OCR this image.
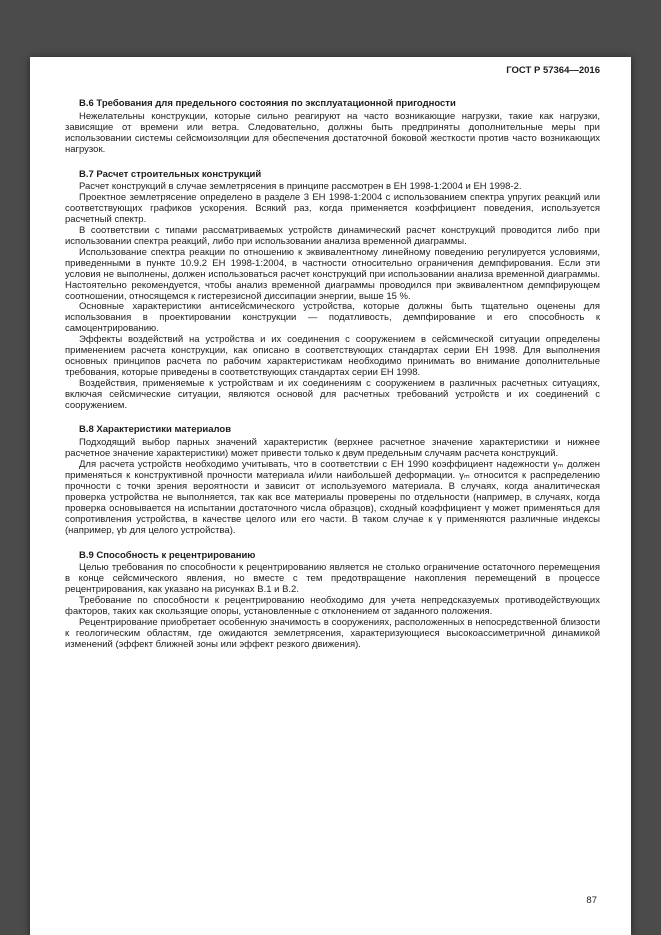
ГОСТ Р 57364—2016
В.6 Требования для предельного состояния по эксплуатационной пригодности

Нежелательны конструкции, которые сильно реагируют на часто возникающие нагрузки, такие как нагрузки, зависящие от времени или ветра. Следовательно, должны быть предприняты дополнительные меры при использовании системы сейсмоизоляции для обеспечения достаточной боковой жесткости против часто возникающих нагрузок.

В.7 Расчет строительных конструкций

Расчет конструкций в случае землетрясения в принципе рассмотрен в ЕН 1998-1:2004 и ЕН 1998-2.

Проектное землетрясение определено в разделе 3 ЕН 1998-1:2004 с использованием спектра упругих реакций или соответствующих графиков ускорения. Всякий раз, когда применяется коэффициент поведения, используется расчетный спектр.

В соответствии с типами рассматриваемых устройств динамический расчет конструкций проводится либо при использовании спектра реакций, либо при использовании анализа временной диаграммы.

Использование спектра реакции по отношению к эквивалентному линейному поведению регулируется условиями, приведенными в пункте 10.9.2 ЕН 1998-1:2004, в частности относительно ограничения демпфирования. Если эти условия не выполнены, должен использоваться расчет конструкций при использовании анализа временной диаграммы. Настоятельно рекомендуется, чтобы анализ временной диаграммы проводился при эквивалентном демпфирующем соотношении, относящемся к гистерезисной диссипации энергии, выше 15 %.

Основные характеристики антисейсмического устройства, которые должны быть тщательно оценены для использования в проектировании конструкции — податливость, демпфирование и его способность к самоцентрированию.

Эффекты воздействий на устройства и их соединения с сооружением в сейсмической ситуации определены применением расчета конструкции, как описано в соответствующих стандартах серии ЕН 1998. Для выполнения основных принципов расчета по рабочим характеристикам необходимо принимать во внимание дополнительные требования, которые приведены в соответствующих стандартах серии ЕН 1998.

Воздействия, применяемые к устройствам и их соединениям с сооружением в различных расчетных ситуациях, включая сейсмические ситуации, являются основой для расчетных требований устройств и их соединений с сооружением.

В.8 Характеристики материалов

Подходящий выбор парных значений характеристик (верхнее расчетное значение характеристики и нижнее расчетное значение характеристики) может привести только к двум предельным случаям расчета конструкций.

Для расчета устройств необходимо учитывать, что в соответствии с ЕН 1990 коэффициент надежности γₘ должен применяться к конструктивной прочности материала и/или наибольшей деформации. γₘ относится к распределению прочности с точки зрения вероятности и зависит от используемого материала. В случаях, когда аналитическая проверка устройства не выполняется, так как все материалы проверены по отдельности (например, в случаях, когда проверка основывается на испытании достаточного числа образцов), сходный коэффициент γ может применяться для сопротивления устройства, в качестве целого или его части. В таком случае к γ применяются различные индексы (например, γb для целого устройства).

В.9 Способность к рецентрированию

Целью требования по способности к рецентрированию является не столько ограничение остаточного перемещения в конце сейсмического явления, но вместе с тем предотвращение накопления перемещений в процессе рецентрирования, как указано на рисунках В.1 и В.2.

Требование по способности к рецентрированию необходимо для учета непредсказуемых противодействующих факторов, таких как скользящие опоры, установленные с отклонением от заданного положения.

Рецентрирование приобретает особенную значимость в сооружениях, расположенных в непосредственной близости к геологическим областям, где ожидаются землетрясения, характеризующиеся высокоассиметричной динамикой изменений (эффект ближней зоны или эффект резкого движения).

87
